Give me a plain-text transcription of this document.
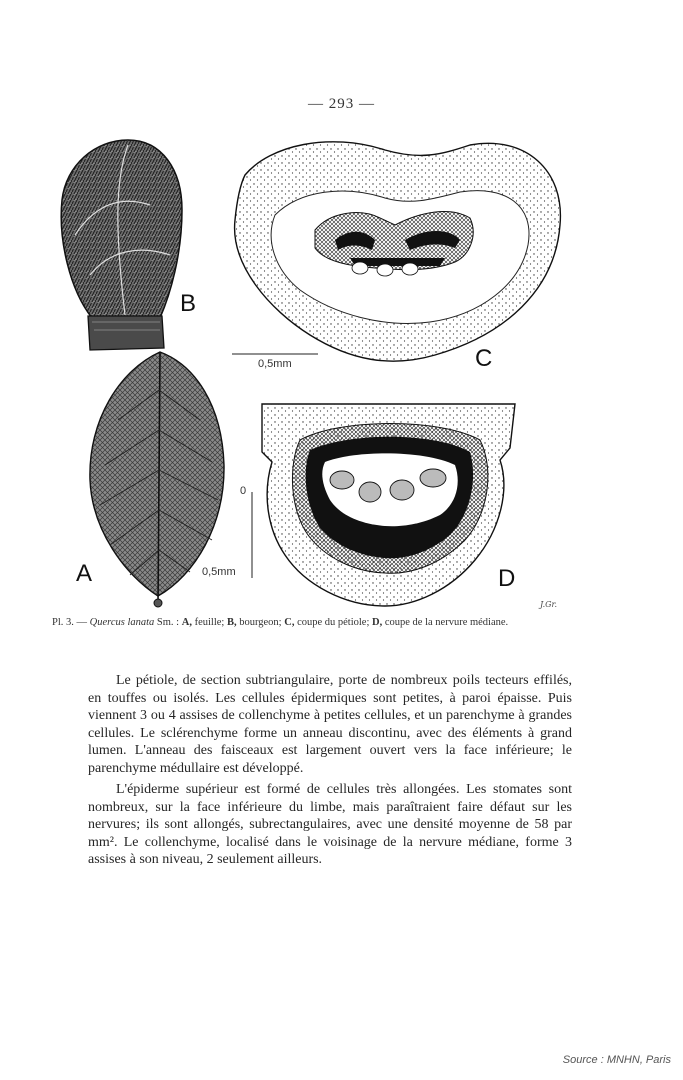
— 293 —
B
A
C
D
0,5mm
0,5mm
0
J.Gr.
Pl. 3. — Quercus lanata Sm. : A, feuille; B, bourgeon; C, coupe du pétiole; D, coupe de la nervure médiane.

Le pétiole, de section subtriangulaire, porte de nombreux poils tecteurs effilés, en touffes ou isolés. Les cellules épidermiques sont petites, à paroi épaisse. Puis viennent 3 ou 4 assises de collenchyme à petites cellules, et un parenchyme à grandes cellules. Le sclérenchyme forme un anneau discontinu, avec des éléments à grand lumen. L'anneau des faisceaux est largement ouvert vers la face inférieure; le parenchyme médullaire est développé.

L'épiderme supérieur est formé de cellules très allongées. Les stomates sont nombreux, sur la face inférieure du limbe, mais paraîtraient faire défaut sur les nervures; ils sont allongés, subrectangulaires, avec une densité moyenne de 58 par mm². Le collenchyme, localisé dans le voisinage de la nervure médiane, forme 3 assises à son niveau, 2 seulement ailleurs.

Source : MNHN, Paris
